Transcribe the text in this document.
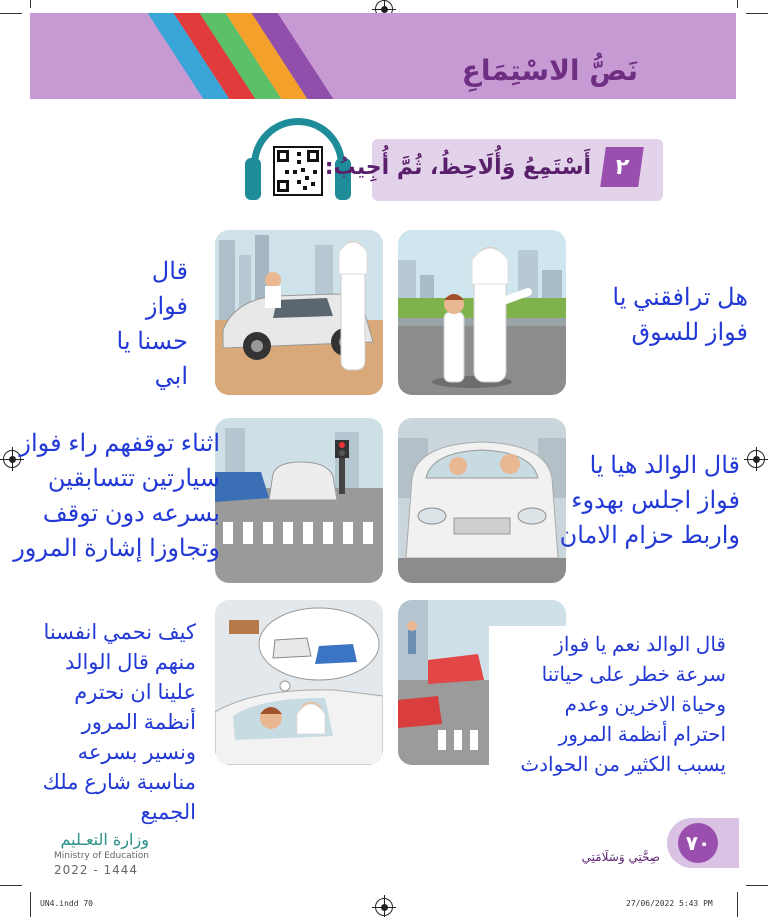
نَصُّ الاسْتِمَاعِ
٢
أَسْتَمِعُ وَأُلَاحِظُ، ثُمَّ أُجِيبُ:
هل ترافقني يا
فواز للسوق
قال
فواز
حسنا يا
ابي
قال الوالد هيا يا
فواز اجلس بهدوء
واربط حزام الامان
اثناء توقفهم راء فواز
سيارتين تتسابقين
بسرعه دون توقف
وتجاوزا إشارة المرور
قال الوالد نعم يا فواز
سرعة خطر على حياتنا
وحياة الاخرين وعدم
احترام أنظمة المرور
يسبب الكثير من الحوادث
كيف نحمي انفسنا
منهم قال الوالد
علينا ان نحترم
أنظمة المرور
ونسير بسرعه
مناسبة شارع ملك
الجميع
وزارة التعـليم
Ministry of Education
2022 - 1444
٧٠
صِحَّتِي وَسَلَامَتِي
UN4.indd 70	27/06/2022 5:43 PM
